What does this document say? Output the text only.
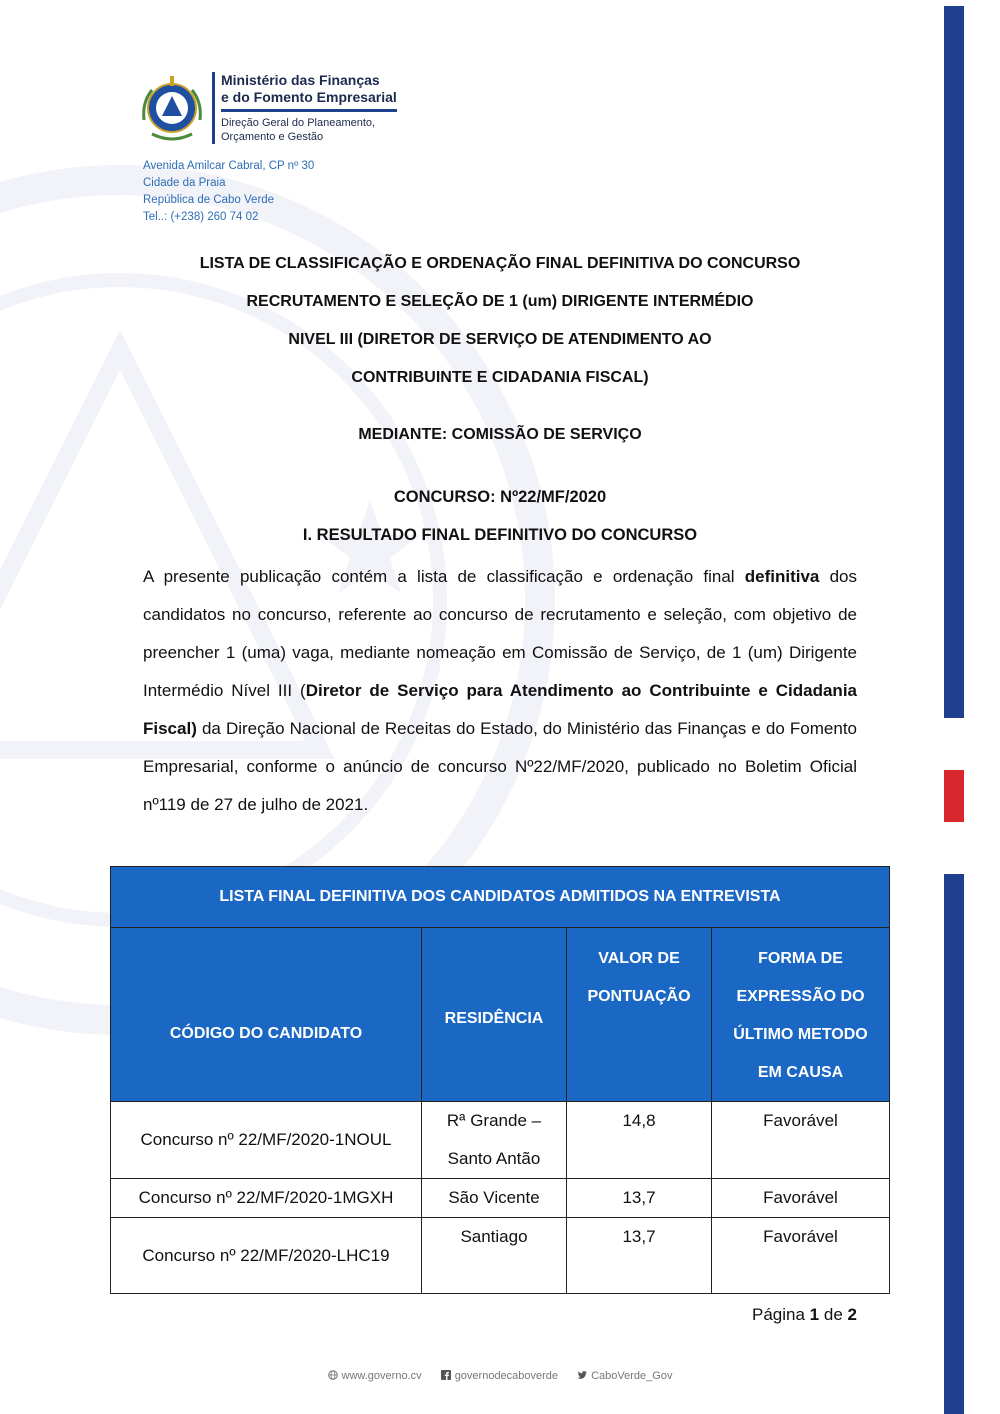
Ministério das Finanças
e do Fomento Empresarial
Direção Geral do Planeamento,
Orçamento e Gestão
Avenida Amilcar Cabral, CP nº 30
Cidade da Praia
República de Cabo Verde
Tel..: (+238) 260 74 02
LISTA DE CLASSIFICAÇÃO E ORDENAÇÃO FINAL DEFINITIVA DO CONCURSO
RECRUTAMENTO E SELEÇÃO DE 1 (um) DIRIGENTE INTERMÉDIO
NIVEL III (DIRETOR DE SERVIÇO DE ATENDIMENTO AO
CONTRIBUINTE E CIDADANIA FISCAL)
MEDIANTE: COMISSÃO DE SERVIÇO
CONCURSO: Nº22/MF/2020
I. RESULTADO FINAL DEFINITIVO DO CONCURSO
A presente publicação contém a lista de classificação e ordenação final definitiva dos candidatos no concurso, referente ao concurso de recrutamento e seleção, com objetivo de preencher 1 (uma) vaga, mediante nomeação em Comissão de Serviço, de 1 (um) Dirigente Intermédio Nível III (Diretor de Serviço para Atendimento ao Contribuinte e Cidadania Fiscal) da Direção Nacional de Receitas do Estado, do Ministério das Finanças e do Fomento Empresarial, conforme o anúncio de concurso Nº22/MF/2020, publicado no Boletim Oficial nº119 de 27 de julho de 2021.
LISTA FINAL DEFINITIVA DOS CANDIDATOS ADMITIDOS NA ENTREVISTA			
CÓDIGO DO CANDIDATO	RESIDÊNCIA	VALOR DE PONTUAÇÃO	FORMA DE EXPRESSÃO DO ÚLTIMO METODO EM CAUSA
Concurso nº 22/MF/2020-1NOUL	Rª Grande – Santo Antão	14,8	Favorável
Concurso nº 22/MF/2020-1MGXH	São Vicente	13,7	Favorável
Concurso nº 22/MF/2020-LHC19	Santiago	13,7	Favorável
Página 1 de 2
www.governo.cv	governodecaboverde	CaboVerde_Gov
